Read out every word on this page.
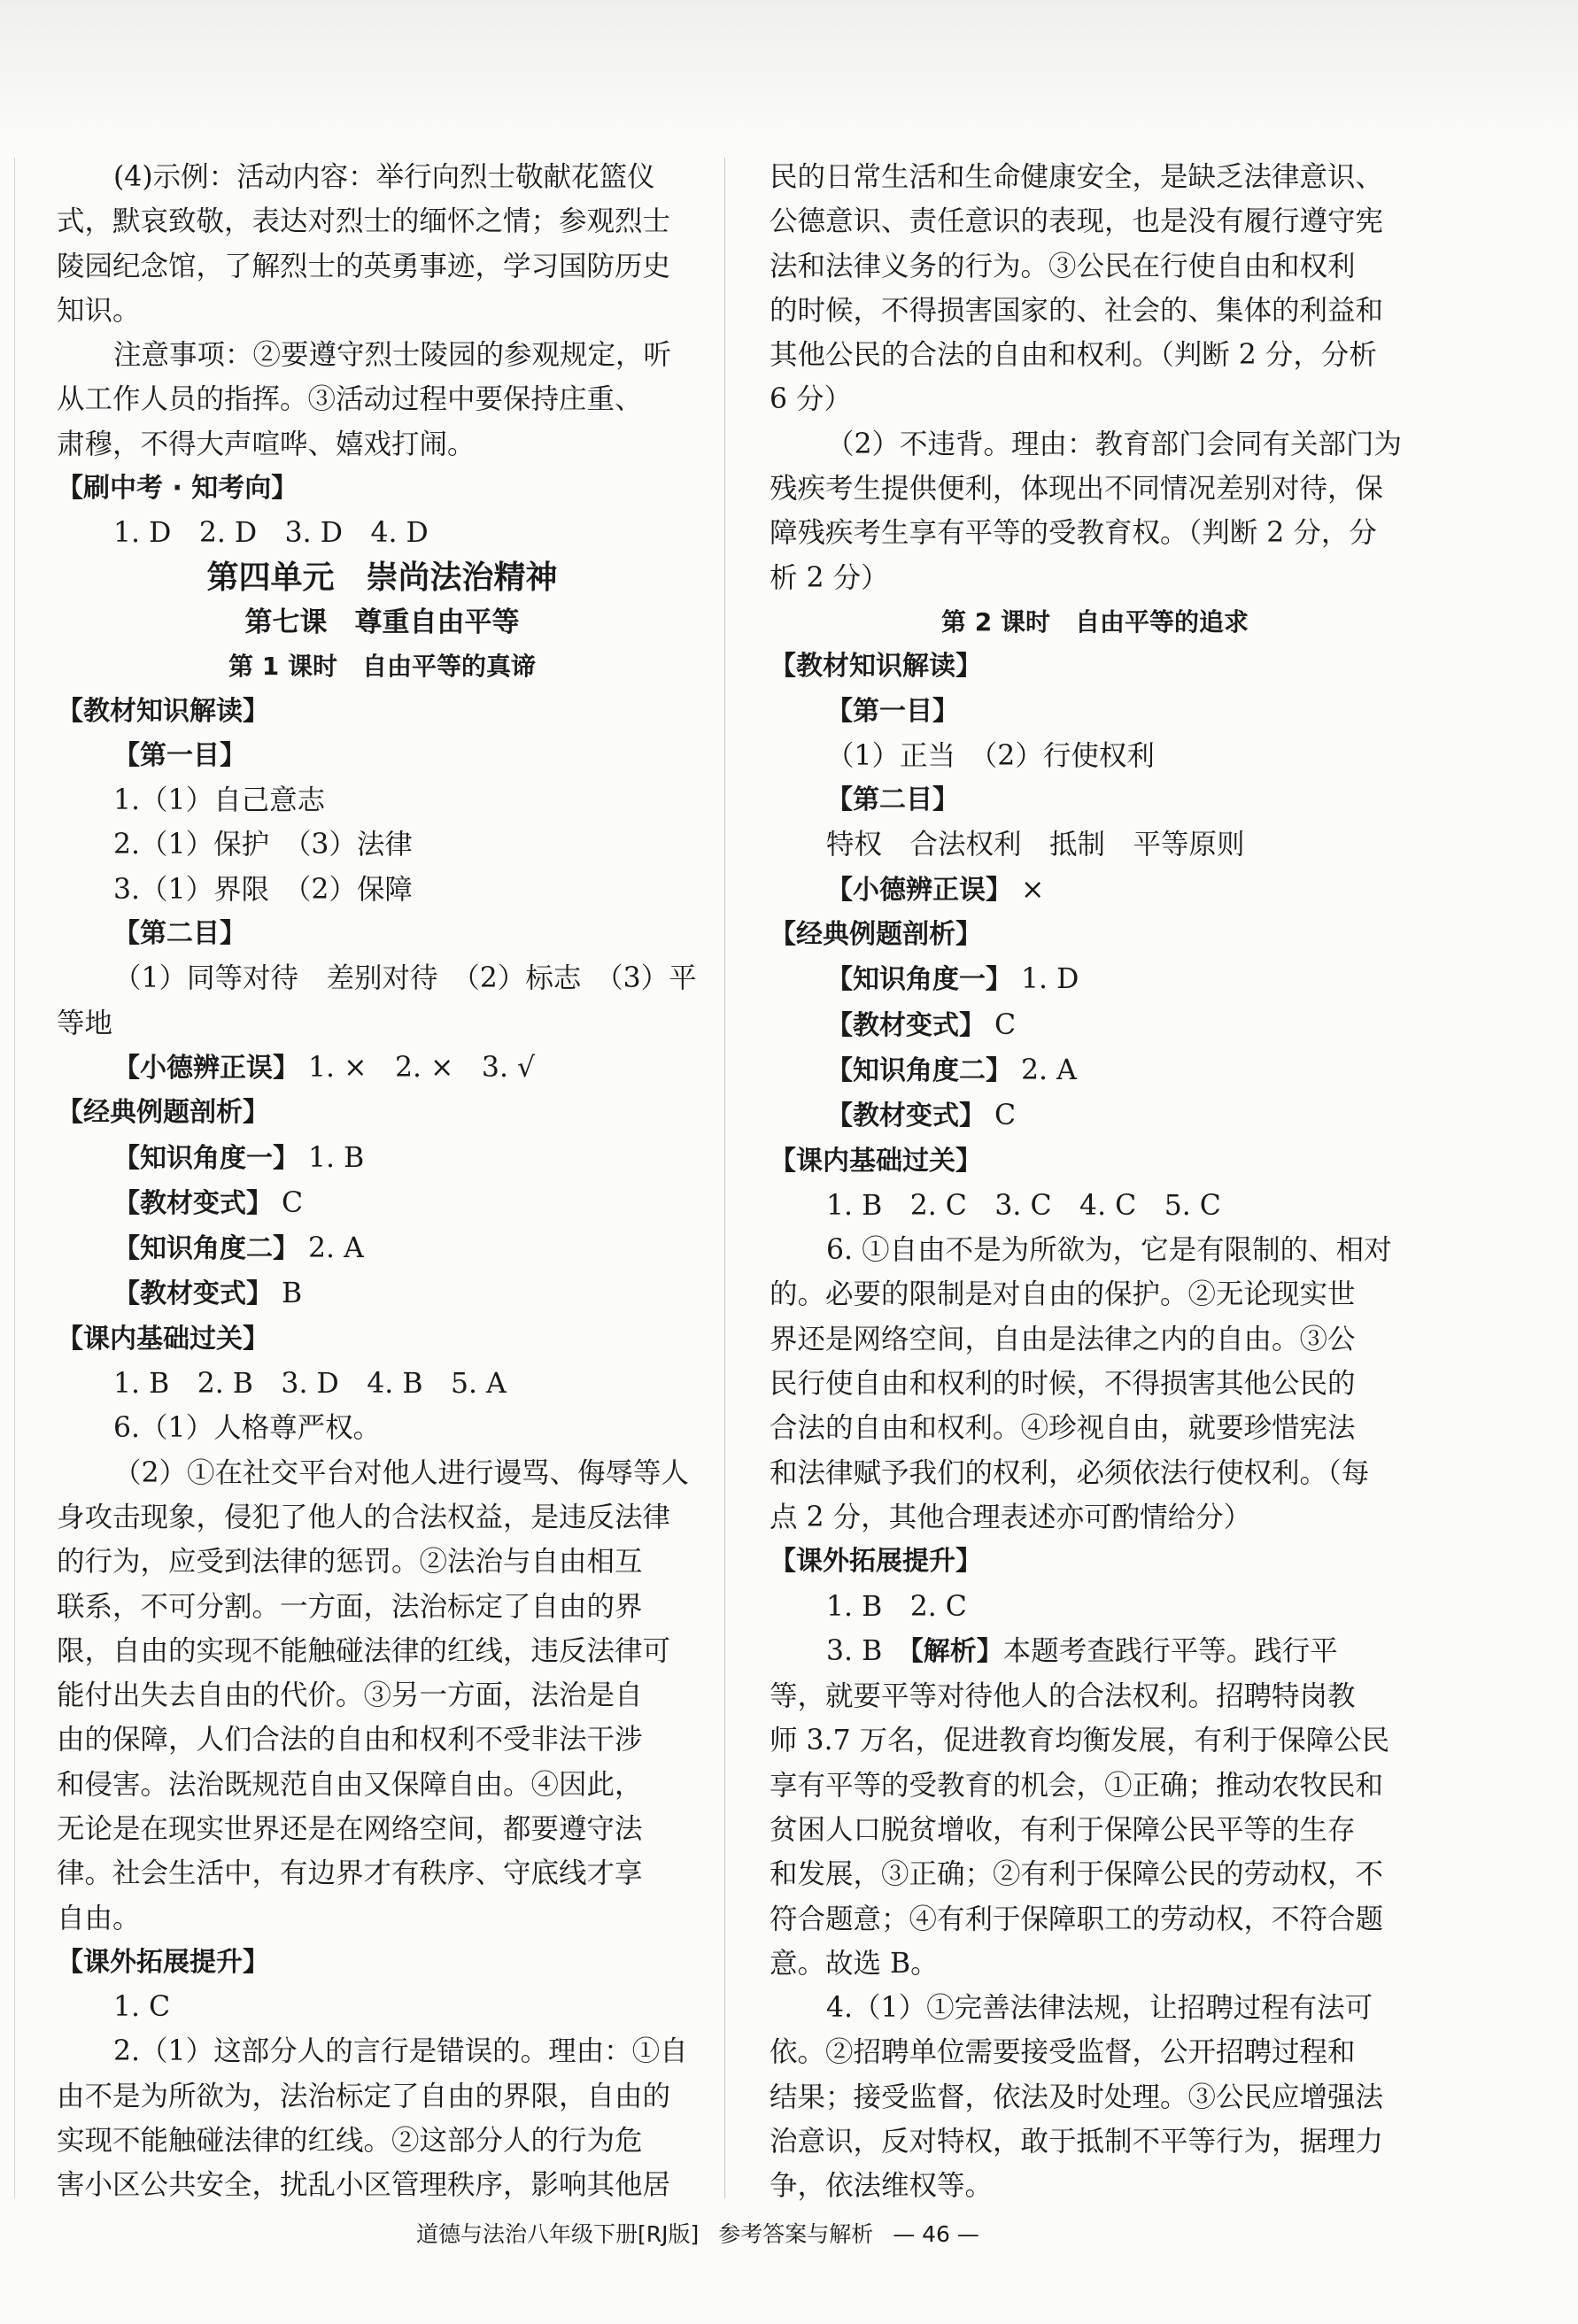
(4)示例：活动内容：举行向烈士敬献花篮仪

式，默哀致敬，表达对烈士的缅怀之情；参观烈士

陵园纪念馆，了解烈士的英勇事迹，学习国防历史

知识。

注意事项：②要遵守烈士陵园的参观规定，听

从工作人员的指挥。③活动过程中要保持庄重、

肃穆，不得大声喧哗、嬉戏打闹。

【刷中考 · 知考向】

1. D　2. D　3. D　4. D

第四单元　崇尚法治精神

第七课　尊重自由平等

第 1 课时　自由平等的真谛

【教材知识解读】

【第一目】

1.（1）自己意志

2.（1）保护　（3）法律

3.（1）界限　（2）保障

【第二目】

（1）同等对待　差别对待　（2）标志　（3）平

等地

【小德辨正误】 1. ×　2. ×　3. √

【经典例题剖析】

【知识角度一】 1. B

【教材变式】 C

【知识角度二】 2. A

【教材变式】 B

【课内基础过关】

1. B　2. B　3. D　4. B　5. A

6.（1）人格尊严权。

（2）①在社交平台对他人进行谩骂、侮辱等人

身攻击现象，侵犯了他人的合法权益，是违反法律

的行为，应受到法律的惩罚。②法治与自由相互

联系，不可分割。一方面，法治标定了自由的界

限，自由的实现不能触碰法律的红线，违反法律可

能付出失去自由的代价。③另一方面，法治是自

由的保障，人们合法的自由和权利不受非法干涉

和侵害。法治既规范自由又保障自由。④因此，

无论是在现实世界还是在网络空间，都要遵守法

律。社会生活中，有边界才有秩序、守底线才享

自由。

【课外拓展提升】

1. C

2.（1）这部分人的言行是错误的。理由：①自

由不是为所欲为，法治标定了自由的界限，自由的

实现不能触碰法律的红线。②这部分人的行为危

害小区公共安全，扰乱小区管理秩序，影响其他居

民的日常生活和生命健康安全，是缺乏法律意识、

公德意识、责任意识的表现，也是没有履行遵守宪

法和法律义务的行为。③公民在行使自由和权利

的时候，不得损害国家的、社会的、集体的利益和

其他公民的合法的自由和权利。（判断 2 分，分析

6 分）

（2）不违背。理由：教育部门会同有关部门为

残疾考生提供便利，体现出不同情况差别对待，保

障残疾考生享有平等的受教育权。（判断 2 分，分

析 2 分）

第 2 课时　自由平等的追求

【教材知识解读】

【第一目】

（1）正当　（2）行使权利

【第二目】

特权　合法权利　抵制　平等原则

【小德辨正误】 ×

【经典例题剖析】

【知识角度一】 1. D

【教材变式】 C

【知识角度二】 2. A

【教材变式】 C

【课内基础过关】

1. B　2. C　3. C　4. C　5. C

6. ①自由不是为所欲为，它是有限制的、相对

的。必要的限制是对自由的保护。②无论现实世

界还是网络空间，自由是法律之内的自由。③公

民行使自由和权利的时候，不得损害其他公民的

合法的自由和权利。④珍视自由，就要珍惜宪法

和法律赋予我们的权利，必须依法行使权利。（每

点 2 分，其他合理表述亦可酌情给分）

【课外拓展提升】

1. B　2. C

3. B　【解析】本题考查践行平等。践行平

等，就要平等对待他人的合法权利。招聘特岗教

师 3.7 万名，促进教育均衡发展，有利于保障公民

享有平等的受教育的机会，①正确；推动农牧民和

贫困人口脱贫增收，有利于保障公民平等的生存

和发展，③正确；②有利于保障公民的劳动权，不

符合题意；④有利于保障职工的劳动权，不符合题

意。故选 B。

4.（1）①完善法律法规，让招聘过程有法可

依。②招聘单位需要接受监督，公开招聘过程和

结果；接受监督，依法及时处理。③公民应增强法

治意识，反对特权，敢于抵制不平等行为，据理力

争，依法维权等。

道德与法治八年级下册[RJ版] 参考答案与解析 — 46 —
